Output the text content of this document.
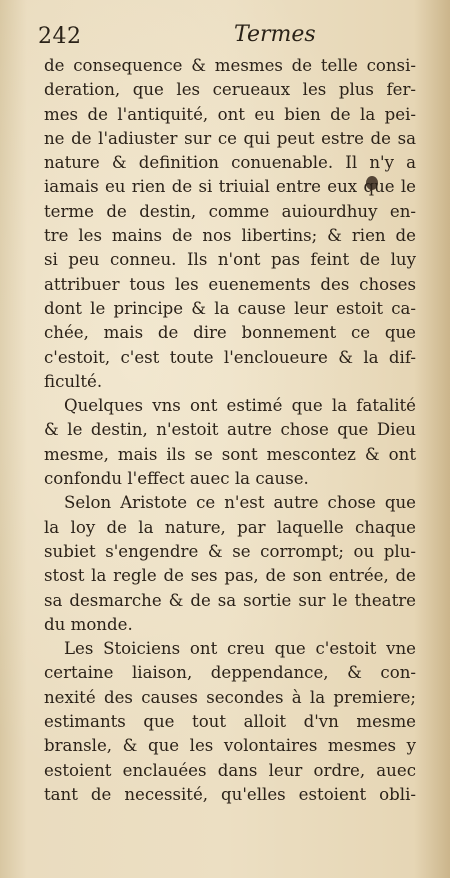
242	Termes
de consequence & mesmes de telle consi-
deration, que les cerueaux les plus fer-
mes de l'antiquité, ont eu bien de la pei-
ne de l'adiuster sur ce qui peut estre de sa
nature & definition conuenable. Il n'y a
iamais eu rien de si triuial entre eux que le
terme de destin, comme auiourdhuy en-
tre les mains de nos libertins; & rien de
si peu conneu. Ils n'ont pas feint de luy
attribuer tous les euenements des choses
dont le principe & la cause leur estoit ca-
chée, mais de dire bonnement ce que
c'estoit, c'est toute l'encloueure & la dif-
ficulté.
Quelques vns ont estimé que la fatalité
& le destin, n'estoit autre chose que Dieu
mesme, mais ils se sont mescontez & ont
confondu l'effect auec la cause.
Selon Aristote ce n'est autre chose que
la loy de la nature, par laquelle chaque
subiet s'engendre & se corrompt; ou plu-
stost la regle de ses pas, de son entrée, de
sa desmarche & de sa sortie sur le theatre
du monde.
Les Stoiciens ont creu que c'estoit vne
certaine liaison, deppendance, & con-
nexité des causes secondes à la premiere;
estimants que tout alloit d'vn mesme
bransle, & que les volontaires mesmes y
estoient enclauées dans leur ordre, auec
tant de necessité, qu'elles estoient obli-
